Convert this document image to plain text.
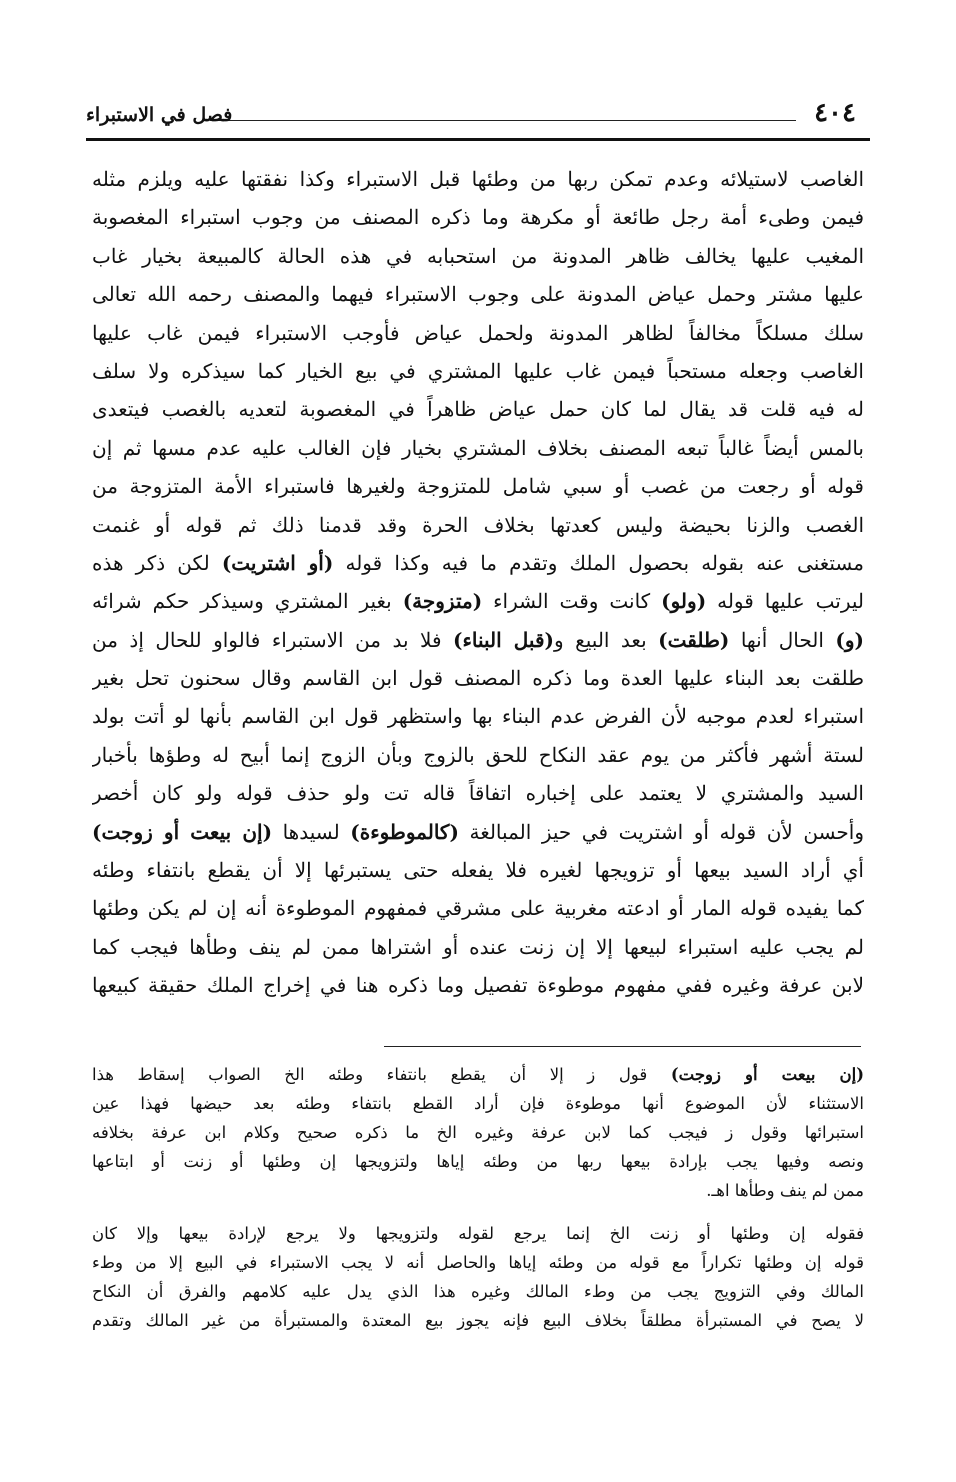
٤٠٤
فصل في الاستبراء
الغاصب لاستيلائه وعدم تمكن ربها من وطئها قبل الاستبراء وكذا نفقتها عليه ويلزم مثله
فيمن وطىء أمة رجل طائعة أو مكرهة وما ذكره المصنف من وجوب استبراء المغصوبة
المغيب عليها يخالف ظاهر المدونة من استحبابه في هذه الحالة كالمبيعة بخيار غاب
عليها مشتر وحمل عياض المدونة على وجوب الاستبراء فيهما والمصنف رحمه الله تعالى
سلك مسلكاً مخالفاً لظاهر المدونة ولحمل عياض فأوجب الاستبراء فيمن غاب عليها
الغاصب وجعله مستحباً فيمن غاب عليها المشتري في بيع الخيار كما سيذكره ولا سلف
له فيه قلت قد يقال لما كان حمل عياض ظاهراً في المغصوبة لتعديه بالغصب فيتعدى
بالمس أيضاً غالباً تبعه المصنف بخلاف المشتري بخيار فإن الغالب عليه عدم مسها ثم إن
قوله أو رجعت من غصب أو سبي شامل للمتزوجة ولغيرها فاستبراء الأمة المتزوجة من
الغصب والزنا بحيضة وليس كعدتها بخلاف الحرة وقد قدمنا ذلك ثم قوله أو غنمت
مستغنى عنه بقوله بحصول الملك وتقدم ما فيه وكذا قوله (أو اشتريت) لكن ذكر هذه
ليرتب عليها قوله (ولو) كانت وقت الشراء (متزوجة) بغير المشتري وسيذكر حكم شرائه
(و) الحال أنها (طلقت) بعد البيع و(قبل البناء) فلا بد من الاستبراء فالواو للحال إذ من
طلقت بعد البناء عليها العدة وما ذكره المصنف قول ابن القاسم وقال سحنون تحل بغير
استبراء لعدم موجبه لأن الفرض عدم البناء بها واستظهر قول ابن القاسم بأنها لو أتت بولد
لستة أشهر فأكثر من يوم عقد النكاح للحق بالزوج وبأن الزوج إنما أبيح له وطؤها بأخبار
السيد والمشتري لا يعتمد على إخباره اتفاقاً قاله تت ولو حذف قوله ولو كان أخصر
وأحسن لأن قوله أو اشتريت في حيز المبالغة (كالموطوءة) لسيدها (إن بيعت أو زوجت)
أي أراد السيد بيعها أو تزويجها لغيره فلا يفعله حتى يستبرئها إلا أن يقطع بانتفاء وطئه
كما يفيده قوله المار أو ادعته مغربية على مشرقي فمفهوم الموطوءة أنه إن لم يكن وطئها
لم يجب عليه استبراء لبيعها إلا إن زنت عنده أو اشتراها ممن لم ينف وطأها فيجب كما
لابن عرفة وغيره ففي مفهوم موطوءة تفصيل وما ذكره هنا في إخراج الملك حقيقة كبيعها
(إن بيعت أو زوجت) قول ز إلا أن يقطع بانتفاء وطئه الخ الصواب إسقاط هذا
الاستثناء لأن الموضوع أنها موطوءة فإن أراد القطع بانتفاء وطئه بعد حيضها فهذا عين
استبرائها وقول ز فيجب كما لابن عرفة وغيره الخ ما ذكره صحيح وكلام ابن عرفة بخلافه
ونصه وفيها يجب بإرادة بيعها ربها من وطئه إياها ولتزويجها إن وطئها أو زنت أو ابتاعها
ممن لم ينف وطأها اهـ.
فقوله إن وطئها أو زنت الخ إنما يرجع لقوله ولتزويجها ولا يرجع لإرادة بيعها وإلا كان
قوله إن وطئها تكراراً مع قوله من وطئه إياها والحاصل أنه لا يجب الاستبراء في البيع إلا من وطء
المالك وفي التزويج يجب من وطء المالك وغيره هذا الذي يدل عليه كلامهم والفرق أن النكاح
لا يصح في المستبرأة مطلقاً بخلاف البيع فإنه يجوز بيع المعتدة والمستبرأة من غير المالك وتقدم
